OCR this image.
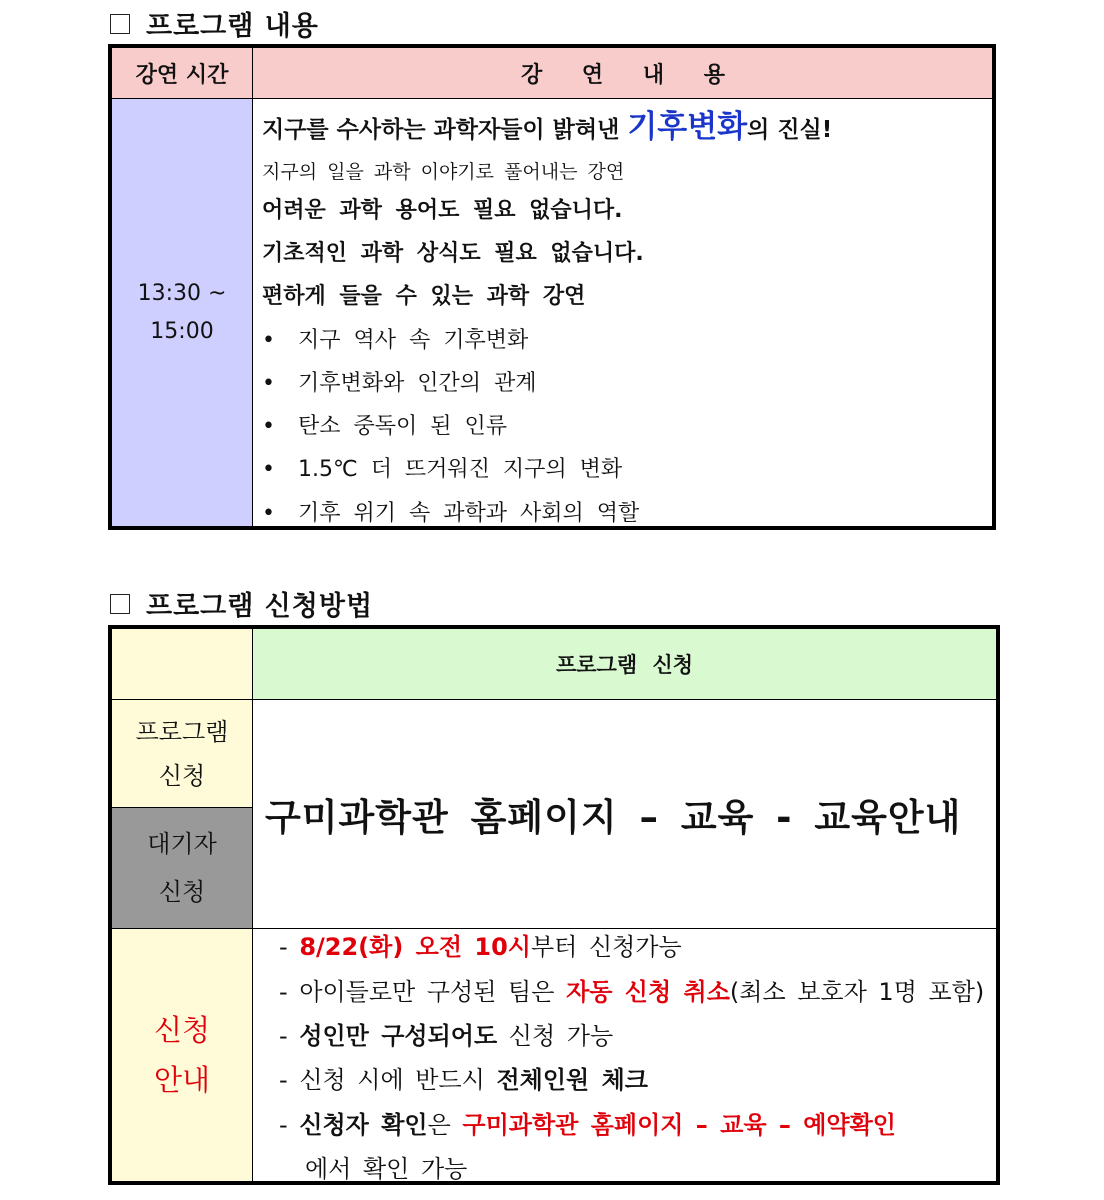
프로그램 내용
강연 시간	강 연 내 용
13:30 ~
15:00
지구를 수사하는 과학자들이 밝혀낸 기후변화의 진실!
지구의 일을 과학 이야기로 풀어내는 강연
어려운 과학 용어도 필요 없습니다.
기초적인 과학 상식도 필요 없습니다.
편하게 들을 수 있는 과학 강연
• 지구 역사 속 기후변화
• 기후변화와 인간의 관계
• 탄소 중독이 된 인류
• 1.5℃ 더 뜨거워진 지구의 변화
• 기후 위기 속 과학과 사회의 역할
프로그램 신청방법
프로그램 신청
프로그램
신청
대기자
신청
구미과학관 홈페이지 – 교육 - 교육안내
신청
안내
- 8/22(화) 오전 10시부터 신청가능
- 아이들로만 구성된 팀은 자동 신청 취소(최소 보호자 1명 포함)
- 성인만 구성되어도 신청 가능
- 신청 시에 반드시 전체인원 체크
- 신청자 확인은 구미과학관 홈페이지 – 교육 – 예약확인
에서 확인 가능
